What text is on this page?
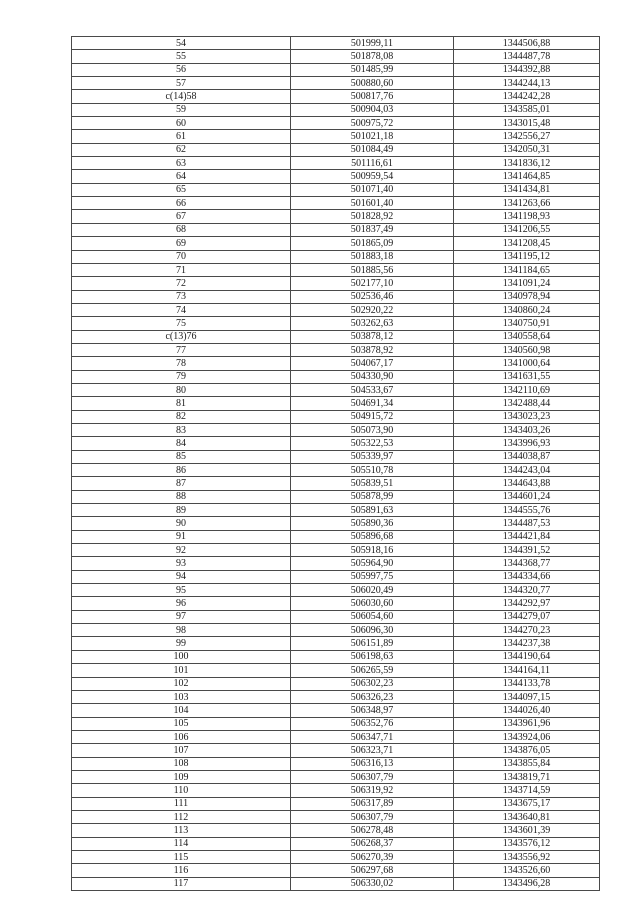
54	501999,11	1344506,88
55	501878,08	1344487,78
56	501485,99	1344392,88
57	500880,60	1344244,13
c(14)58	500817,76	1344242,28
59	500904,03	1343585,01
60	500975,72	1343015,48
61	501021,18	1342556,27
62	501084,49	1342050,31
63	501116,61	1341836,12
64	500959,54	1341464,85
65	501071,40	1341434,81
66	501601,40	1341263,66
67	501828,92	1341198,93
68	501837,49	1341206,55
69	501865,09	1341208,45
70	501883,18	1341195,12
71	501885,56	1341184,65
72	502177,10	1341091,24
73	502536,46	1340978,94
74	502920,22	1340860,24
75	503262,63	1340750,91
c(13)76	503878,12	1340558,64
77	503878,92	1340560,98
78	504067,17	1341000,64
79	504330,90	1341631,55
80	504533,67	1342110,69
81	504691,34	1342488,44
82	504915,72	1343023,23
83	505073,90	1343403,26
84	505322,53	1343996,93
85	505339,97	1344038,87
86	505510,78	1344243,04
87	505839,51	1344643,88
88	505878,99	1344601,24
89	505891,63	1344555,76
90	505890,36	1344487,53
91	505896,68	1344421,84
92	505918,16	1344391,52
93	505964,90	1344368,77
94	505997,75	1344334,66
95	506020,49	1344320,77
96	506030,60	1344292,97
97	506054,60	1344279,07
98	506096,30	1344270,23
99	506151,89	1344237,38
100	506198,63	1344190,64
101	506265,59	1344164,11
102	506302,23	1344133,78
103	506326,23	1344097,15
104	506348,97	1344026,40
105	506352,76	1343961,96
106	506347,71	1343924,06
107	506323,71	1343876,05
108	506316,13	1343855,84
109	506307,79	1343819,71
110	506319,92	1343714,59
111	506317,89	1343675,17
112	506307,79	1343640,81
113	506278,48	1343601,39
114	506268,37	1343576,12
115	506270,39	1343556,92
116	506297,68	1343526,60
117	506330,02	1343496,28
